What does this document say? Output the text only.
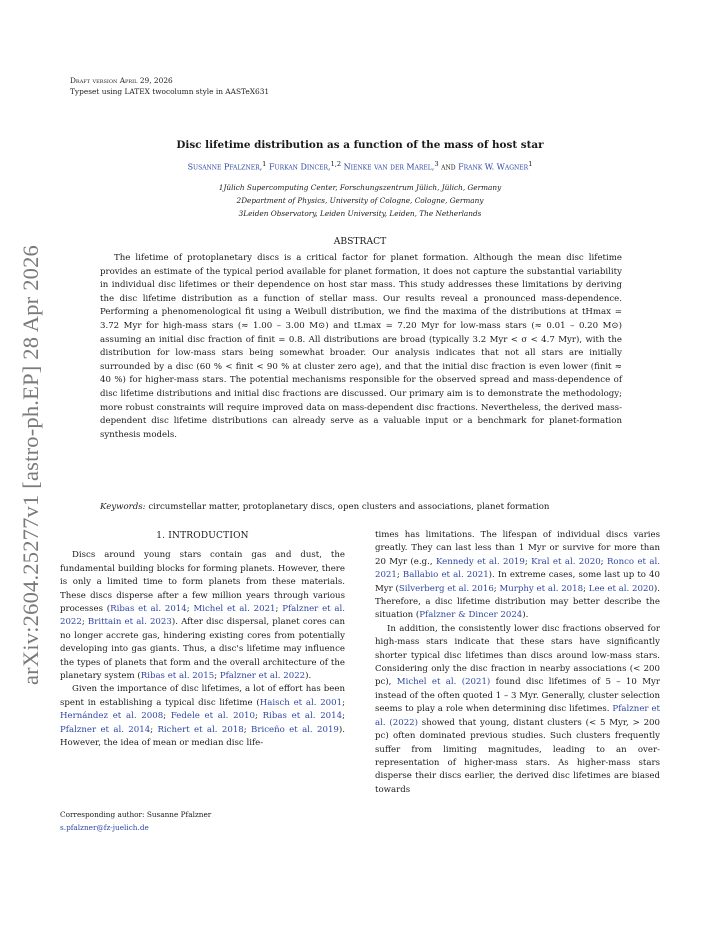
arXiv:2604.25277v1 [astro-ph.EP] 28 Apr 2026
Draft version April 29, 2026
Typeset using LATEX twocolumn style in AASTeX631
Disc lifetime distribution as a function of the mass of host star
Susanne Pfalzner,$^1$ Furkan Dincer,$^{1,2}$ Nienke van der Marel,$^3$ and Frank W. Wagner$^1$
1Jülich Supercomputing Center, Forschungszentrum Jülich, Jülich, Germany
2Department of Physics, University of Cologne, Cologne, Germany
3Leiden Observatory, Leiden University, Leiden, The Netherlands
ABSTRACT

The lifetime of protoplanetary discs is a critical factor for planet formation. Although the mean disc lifetime provides an estimate of the typical period available for planet formation, it does not capture the substantial variability in individual disc lifetimes or their dependence on host star mass. This study addresses these limitations by deriving the disc lifetime distribution as a function of stellar mass. Our results reveal a pronounced mass-dependence. Performing a phenomenological fit using a Weibull distribution, we find the maxima of the distributions at tHmax = 3.72 Myr for high-mass stars (≈ 1.00 – 3.00 M⊙) and tLmax = 7.20 Myr for low-mass stars (≈ 0.01 – 0.20 M⊙) assuming an initial disc fraction of finit = 0.8. All distributions are broad (typically 3.2 Myr < σ < 4.7 Myr), with the distribution for low-mass stars being somewhat broader. Our analysis indicates that not all stars are initially surrounded by a disc (60 % < finit < 90 % at cluster zero age), and that the initial disc fraction is even lower (finit ≈ 40 %) for higher-mass stars. The potential mechanisms responsible for the observed spread and mass-dependence of disc lifetime distributions and initial disc fractions are discussed. Our primary aim is to demonstrate the methodology; more robust constraints will require improved data on mass-dependent disc fractions. Nevertheless, the derived mass-dependent disc lifetime distributions can already serve as a valuable input or a benchmark for planet-formation synthesis models.

Keywords: circumstellar matter, protoplanetary discs, open clusters and associations, planet formation
1. INTRODUCTION

Discs around young stars contain gas and dust, the fundamental building blocks for forming planets. However, there is only a limited time to form planets from these materials. These discs disperse after a few million years through various processes (Ribas et al. 2014; Michel et al. 2021; Pfalzner et al. 2022; Brittain et al. 2023). After disc dispersal, planet cores can no longer accrete gas, hindering existing cores from potentially developing into gas giants. Thus, a disc's lifetime may influence the types of planets that form and the overall architecture of the planetary system (Ribas et al. 2015; Pfalzner et al. 2022).

Given the importance of disc lifetimes, a lot of effort has been spent in establishing a typical disc lifetime (Haisch et al. 2001; Hernández et al. 2008; Fedele et al. 2010; Ribas et al. 2014; Pfalzner et al. 2014; Richert et al. 2018; Briceño et al. 2019). However, the idea of mean or median disc life-

times has limitations. The lifespan of individual discs varies greatly. They can last less than 1 Myr or survive for more than 20 Myr (e.g., Kennedy et al. 2019; Kral et al. 2020; Ronco et al. 2021; Ballabio et al. 2021). In extreme cases, some last up to 40 Myr (Silverberg et al. 2016; Murphy et al. 2018; Lee et al. 2020). Therefore, a disc lifetime distribution may better describe the situation (Pfalzner & Dincer 2024).

In addition, the consistently lower disc fractions observed for high-mass stars indicate that these stars have significantly shorter typical disc lifetimes than discs around low-mass stars. Considering only the disc fraction in nearby associations (< 200 pc), Michel et al. (2021) found disc lifetimes of 5 – 10 Myr instead of the often quoted 1 – 3 Myr. Generally, cluster selection seems to play a role when determining disc lifetimes. Pfalzner et al. (2022) showed that young, distant clusters (< 5 Myr, > 200 pc) often dominated previous studies. Such clusters frequently suffer from limiting magnitudes, leading to an over-representation of higher-mass stars. As higher-mass stars disperse their discs earlier, the derived disc lifetimes are biased towards

Corresponding author: Susanne Pfalzner
s.pfalzner@fz-juelich.de
